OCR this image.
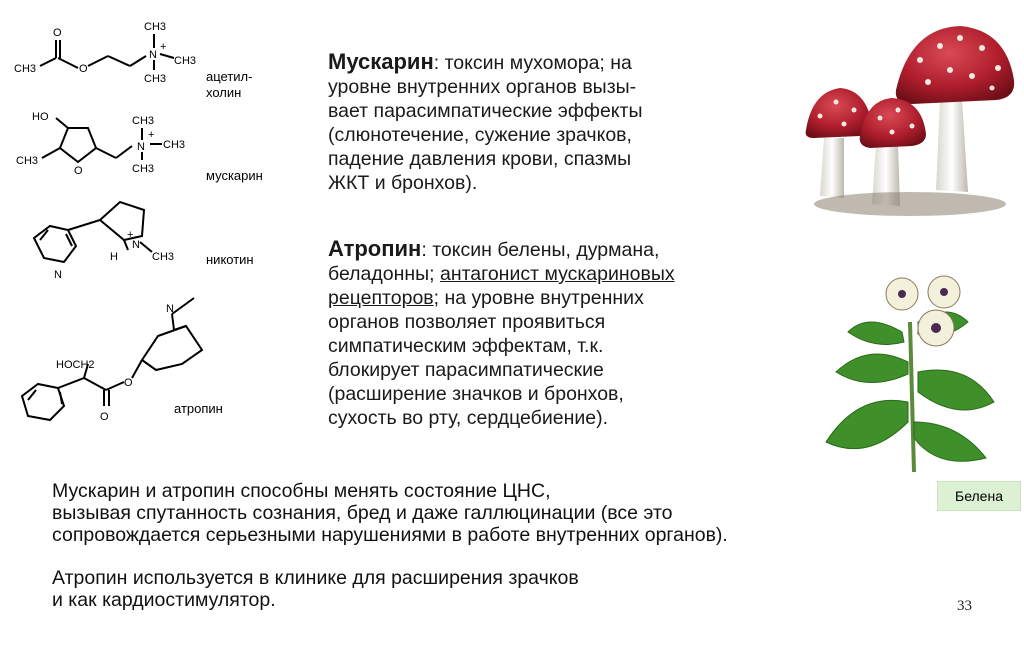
CH3
O
O
N
+
CH3
CH3
CH3	ацетил-
холин
HO
CH3
O
N
+
CH3
CH3
CH3	мускарин
N
+
H
N
CH3 никотин
HOCH2
O
O
N
атропин

Мускарин: токсин мухомора; на

уровне внутренних органов вызы-

вает парасимпатические эффекты

(слюнотечение, сужение зрачков,

падение давления крови, спазмы

ЖКТ и бронхов).

Атропин: токсин белены, дурмана,

беладонны; антагонист мускариновых

рецепторов; на уровне внутренних

органов позволяет проявиться

симпатическим эффектам, т.к.

блокирует парасимпатические

(расширение значков и бронхов,

сухость во рту, сердцебиение).

Белена
Мускарин и атропин способны менять состояние ЦНС,
вызывая спутанность сознания, бред и даже галлюцинации (все это
сопровождается серьезными нарушениями в работе внутренних органов).
Атропин используется в клинике для расширения зрачков
и как кардиостимулятор.	33
